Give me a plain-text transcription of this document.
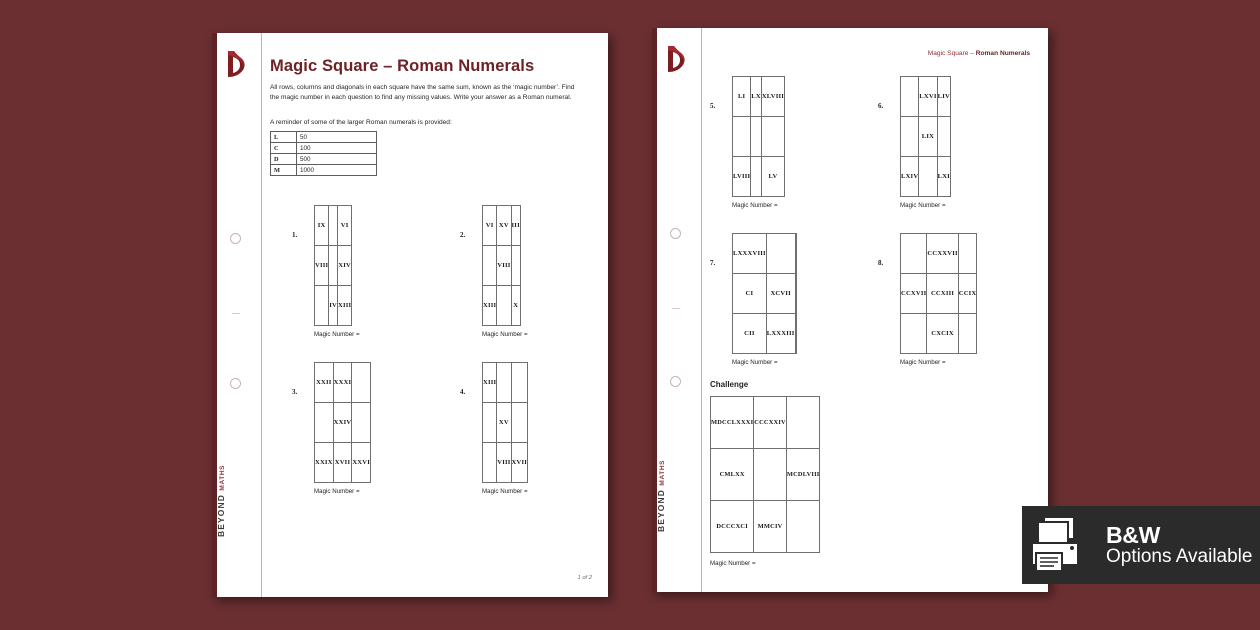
BEYOND MATHS
Magic Square – Roman Numerals
All rows, columns and diagonals in each square have the same sum, known as the ‘magic number’. Find the magic number in each question to find any missing values. Write your answer as a Roman numeral.
A reminder of some of the larger Roman numerals is provided:
L	50
C	100
D	500
M	1000
1.
IX		VI
VIII		XIV
	IV	XIII
Magic Number =
2.
VI	XV	III
	VIII	
XIII		X
Magic Number =
3.
XXII	XXXI	
	XXIV	
XXIX	XVII	XXVI
Magic Number =
4.
XIII		
	XV	
	VIII	XVII
Magic Number =
1 of 2
BEYOND MATHS
Magic Square – Roman Numerals
5.
LI	LX	XLVIII

LVIII		LV
Magic Number =
6.
	LXVI	LIV
	LIX	
LXIV		LXI
Magic Number =
7.
LXXXVIII		
CI	XCVII	
CII	LXXXIII	
Magic Number =
8.
	CCXXVII	
CCXVII	CCXIII	CCIX
	CXCIX	
Magic Number =
Challenge
MDCCLXXXI	CCCXXIV	
CMLXX		MCDLVIII
DCCCXCI	MMCIV	
Magic Number =
B&W
Options Available
